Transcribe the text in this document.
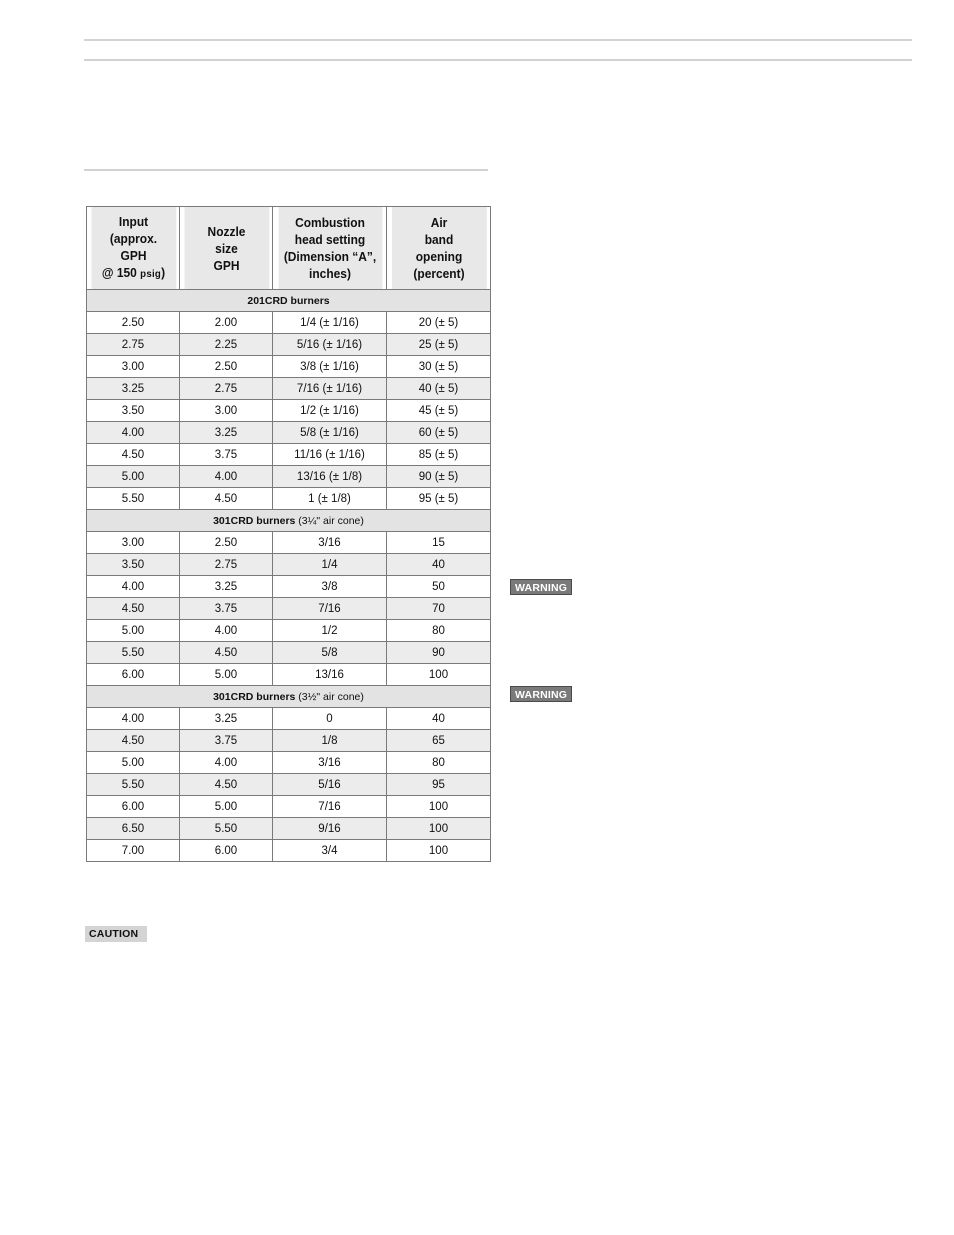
Input
(approx.
GPH
@ 150 psig)	Nozzle
size
GPH	Combustion
head setting
(Dimension “A”,
inches)	Air
band
opening
(percent)

201CRD burners			
2.50	2.00	1/4 (± 1/16)	20 (± 5)
2.75	2.25	5/16 (± 1/16)	25 (± 5)
3.00	2.50	3/8 (± 1/16)	30 (± 5)
3.25	2.75	7/16 (± 1/16)	40 (± 5)
3.50	3.00	1/2 (± 1/16)	45 (± 5)
4.00	3.25	5/8 (± 1/16)	60 (± 5)
4.50	3.75	11/16 (± 1/16)	85 (± 5)
5.00	4.00	13/16 (± 1/8)	90 (± 5)
5.50	4.50	1 (± 1/8)	95 (± 5)
301CRD burners (3¼" air cone)			
3.00	2.50	3/16	15
3.50	2.75	1/4	40
4.00	3.25	3/8	50
4.50	3.75	7/16	70
5.00	4.00	1/2	80
5.50	4.50	5/8	90
6.00	5.00	13/16	100
301CRD burners (3½" air cone)			
4.00	3.25	0	40
4.50	3.75	1/8	65
5.00	4.00	3/16	80
5.50	4.50	5/16	95
6.00	5.00	7/16	100
6.50	5.50	9/16	100
7.00	6.00	3/4	100
WARNING
WARNING
CAUTION
